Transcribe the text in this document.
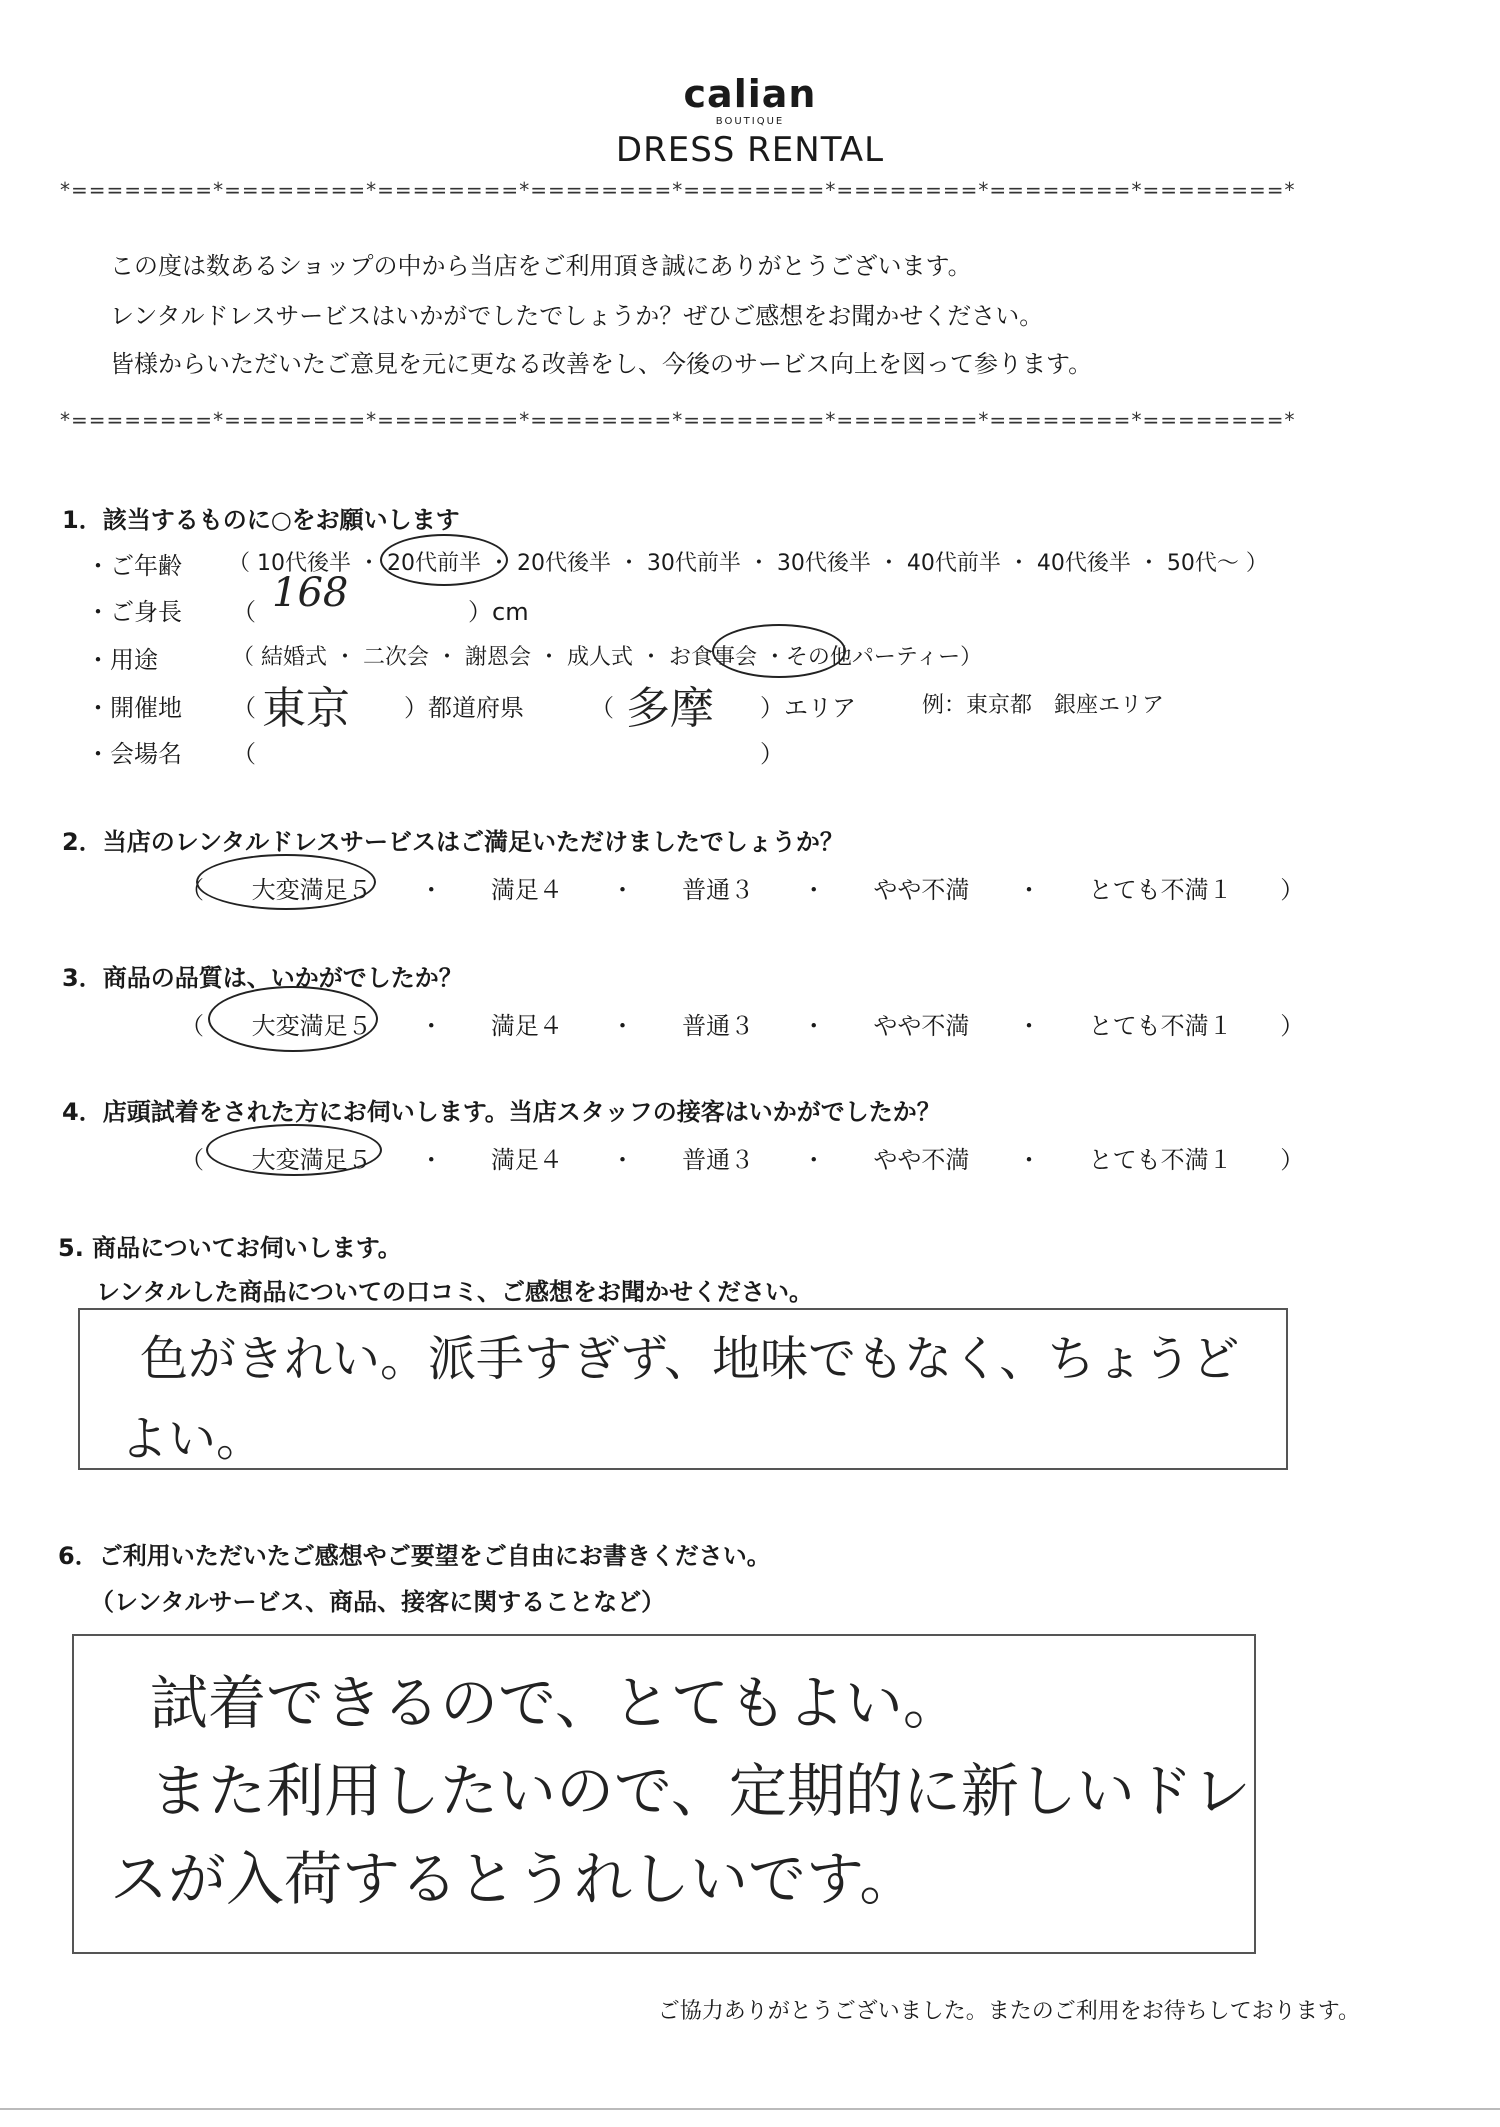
calian
BOUTIQUE
DRESS RENTAL
*========*========*========*========*========*========*========*========*
*========*========*========*========*========*========*========*========*
この度は数あるショップの中から当店をご利用頂き誠にありがとうございます。
レンタルドレスサービスはいかがでしたでしょうか？ぜひご感想をお聞かせください。
皆様からいただいたご意見を元に更なる改善をし、今後のサービス向上を図って参ります。
1．該当するものに○をお願いします
・ご年齢 （ 10代後半 ・ 20代前半 ・ 20代後半 ・ 30代前半 ・ 30代後半 ・ 40代前半 ・ 40代後半 ・ 50代〜 ）
・ご身長 （ 168	）cm
・用途	（ 結婚式 ・ 二次会 ・ 謝恩会 ・ 成人式 ・ お食事会 ・その他パーティー）
・開催地 （ 東京 ）都道府県	（ 多摩 ）エリア	例：東京都　銀座エリア
・会場名 （　　　　　　　　　　　　　　　　　　　　　）
2．当店のレンタルドレスサービスはご満足いただけましたでしょうか？
（ 大変満足５ ・ 満足４ ・ 普通３ ・ やや不満 ・ とても不満１ ）
3．商品の品質は、いかがでしたか？
（ 大変満足５ ・ 満足４ ・ 普通３ ・ やや不満 ・ とても不満１ ）
4．店頭試着をされた方にお伺いします。当店スタッフの接客はいかがでしたか？
（ 大変満足５ ・ 満足４ ・ 普通３ ・ やや不満 ・ とても不満１ ）
5. 商品についてお伺いします。
レンタルした商品についての口コミ、ご感想をお聞かせください。
色がきれい。派手すぎず、地味でもなく、ちょうど
よい。
6．ご利用いただいたご感想やご要望をご自由にお書きください。
（レンタルサービス、商品、接客に関することなど）
試着できるので、とてもよい。
また利用したいので、定期的に新しいドレ
スが入荷するとうれしいです。
ご協力ありがとうございました。またのご利用をお待ちしております。
